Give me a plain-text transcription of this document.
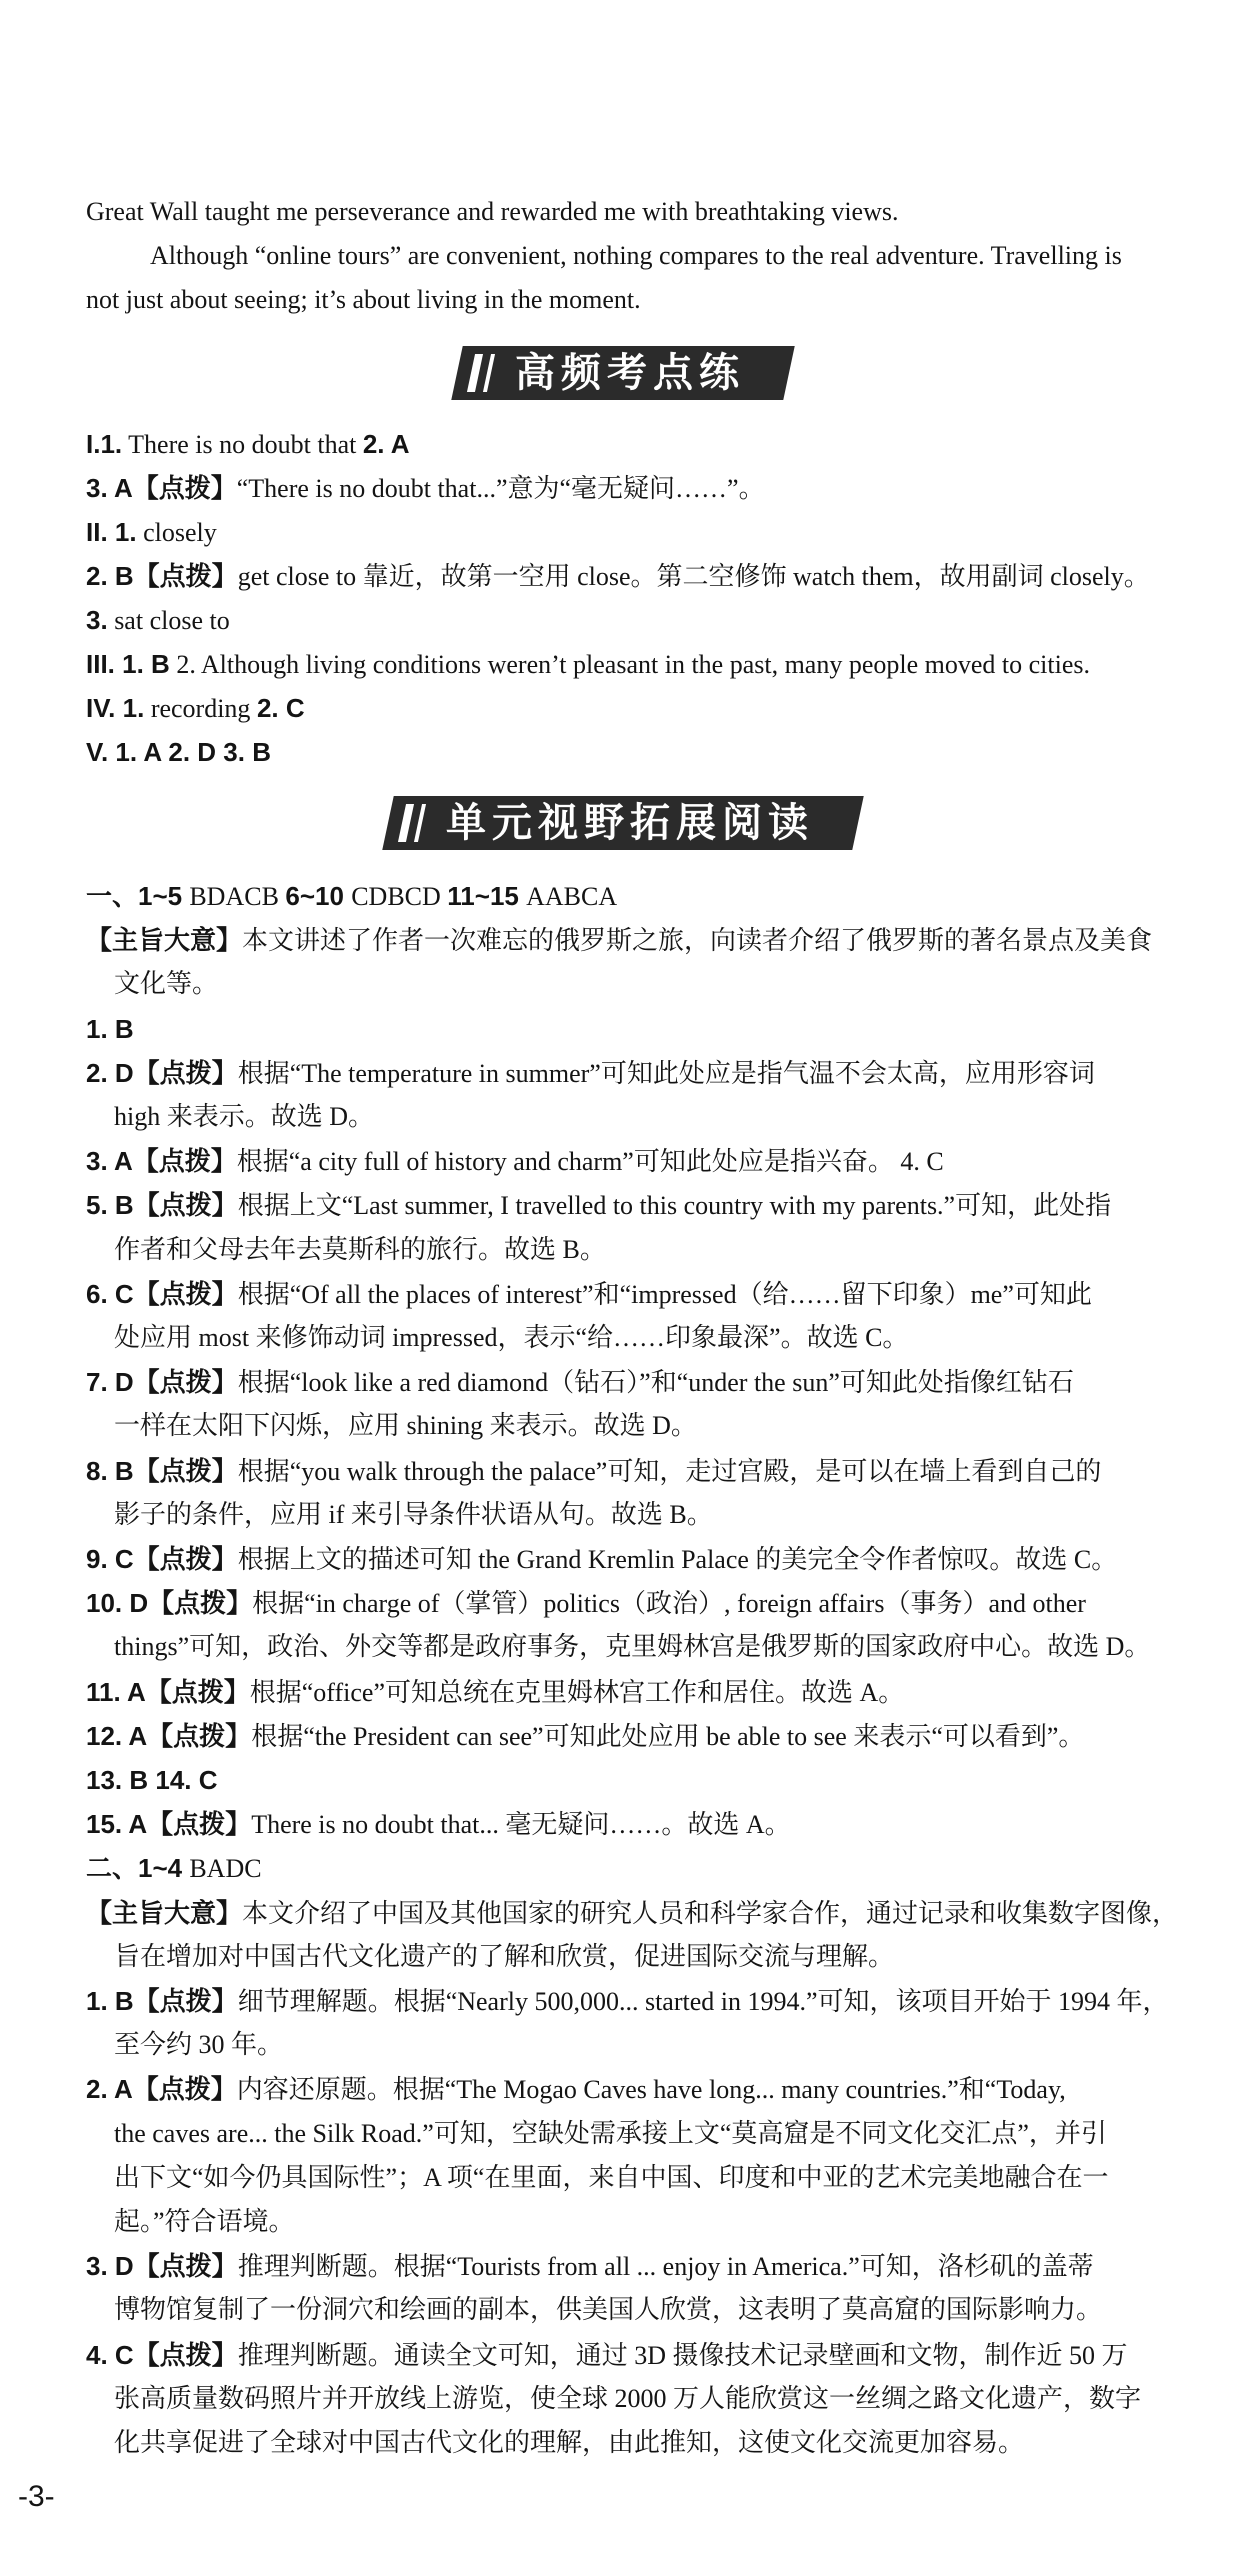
Great Wall taught me perseverance and rewarded me with breathtaking views.
Although “online tours” are convenient, nothing compares to the real adventure. Travelling is
not just about seeing; it’s about living in the moment.
高频考点练
I.1. There is no doubt that 2. A
3. A【点拨】“There is no doubt that...”意为“毫无疑问……”。
II. 1. closely
2. B【点拨】get close to 靠近，故第一空用 close。第二空修饰 watch them，故用副词 closely。
3. sat close to
III. 1. B 2. Although living conditions weren’t pleasant in the past, many people moved to cities.
IV. 1. recording 2. C
V. 1. A 2. D 3. B
单元视野拓展阅读
一、1~5 BDACB 6~10 CDBCD 11~15 AABCA
【主旨大意】本文讲述了作者一次难忘的俄罗斯之旅，向读者介绍了俄罗斯的著名景点及美食
文化等。
1. B
2. D【点拨】根据“The temperature in summer”可知此处应是指气温不会太高，应用形容词
high 来表示。故选 D。
3. A【点拨】根据“a city full of history and charm”可知此处应是指兴奋。 4. C
5. B【点拨】根据上文“Last summer, I travelled to this country with my parents.”可知，此处指
作者和父母去年去莫斯科的旅行。故选 B。
6. C【点拨】根据“Of all the places of interest”和“impressed（给……留下印象）me”可知此
处应用 most 来修饰动词 impressed，表示“给……印象最深”。故选 C。
7. D【点拨】根据“look like a red diamond（钻石）”和“under the sun”可知此处指像红钻石
一样在太阳下闪烁，应用 shining 来表示。故选 D。
8. B【点拨】根据“you walk through the palace”可知，走过宫殿，是可以在墙上看到自己的
影子的条件，应用 if 来引导条件状语从句。故选 B。
9. C【点拨】根据上文的描述可知 the Grand Kremlin Palace 的美完全令作者惊叹。故选 C。
10. D【点拨】根据“in charge of（掌管）politics（政治）, foreign affairs（事务）and other
things”可知，政治、外交等都是政府事务，克里姆林宫是俄罗斯的国家政府中心。故选 D。
11. A【点拨】根据“office”可知总统在克里姆林宫工作和居住。故选 A。
12. A【点拨】根据“the President can see”可知此处应用 be able to see 来表示“可以看到”。
13. B 14. C
15. A【点拨】There is no doubt that... 毫无疑问……。故选 A。
二、1~4 BADC
【主旨大意】本文介绍了中国及其他国家的研究人员和科学家合作，通过记录和收集数字图像，
旨在增加对中国古代文化遗产的了解和欣赏，促进国际交流与理解。
1. B【点拨】细节理解题。根据“Nearly 500,000... started in 1994.”可知，该项目开始于 1994 年，
至今约 30 年。
2. A【点拨】内容还原题。根据“The Mogao Caves have long... many countries.”和“Today,
the caves are... the Silk Road.”可知，空缺处需承接上文“莫高窟是不同文化交汇点”，并引
出下文“如今仍具国际性”；A 项“在里面，来自中国、印度和中亚的艺术完美地融合在一
起。”符合语境。
3. D【点拨】推理判断题。根据“Tourists from all ... enjoy in America.”可知，洛杉矶的盖蒂
博物馆复制了一份洞穴和绘画的副本，供美国人欣赏，这表明了莫高窟的国际影响力。
4. C【点拨】推理判断题。通读全文可知，通过 3D 摄像技术记录壁画和文物，制作近 50 万
张高质量数码照片并开放线上游览，使全球 2000 万人能欣赏这一丝绸之路文化遗产，数字
化共享促进了全球对中国古代文化的理解，由此推知，这使文化交流更加容易。
-3-
